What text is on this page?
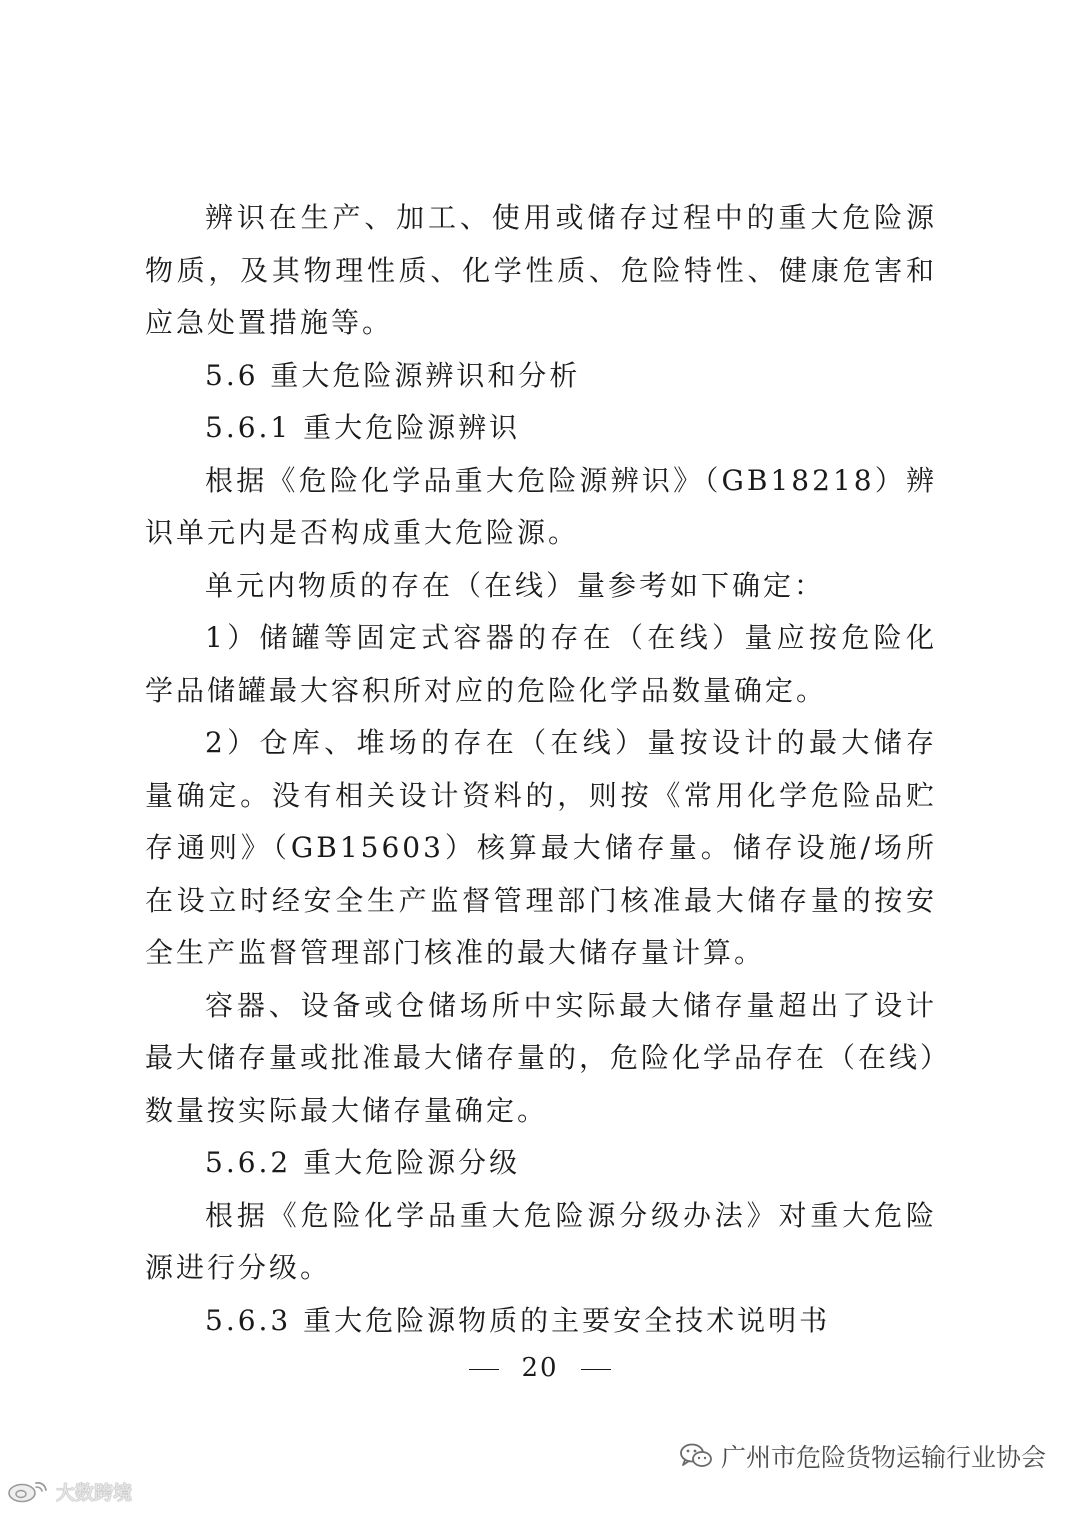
辨识在生产、加工、使用或储存过程中的重大危险源物质，及其物理性质、化学性质、危险特性、健康危害和应急处置措施等。

5.6 重大危险源辨识和分析

5.6.1 重大危险源辨识

根据《危险化学品重大危险源辨识》（GB18218）辨识单元内是否构成重大危险源。

单元内物质的存在（在线）量参考如下确定：

1）储罐等固定式容器的存在（在线）量应按危险化学品储罐最大容积所对应的危险化学品数量确定。

2）仓库、堆场的存在（在线）量按设计的最大储存量确定。没有相关设计资料的，则按《常用化学危险品贮存通则》（GB15603）核算最大储存量。储存设施/场所在设立时经安全生产监督管理部门核准最大储存量的按安全生产监督管理部门核准的最大储存量计算。

容器、设备或仓储场所中实际最大储存量超出了设计最大储存量或批准最大储存量的，危险化学品存在（在线）数量按实际最大储存量确定。

5.6.2 重大危险源分级

根据《危险化学品重大危险源分级办法》对重大危险源进行分级。

5.6.3 重大危险源物质的主要安全技术说明书

20
广州市危险货物运输行业协会
大数跨境
